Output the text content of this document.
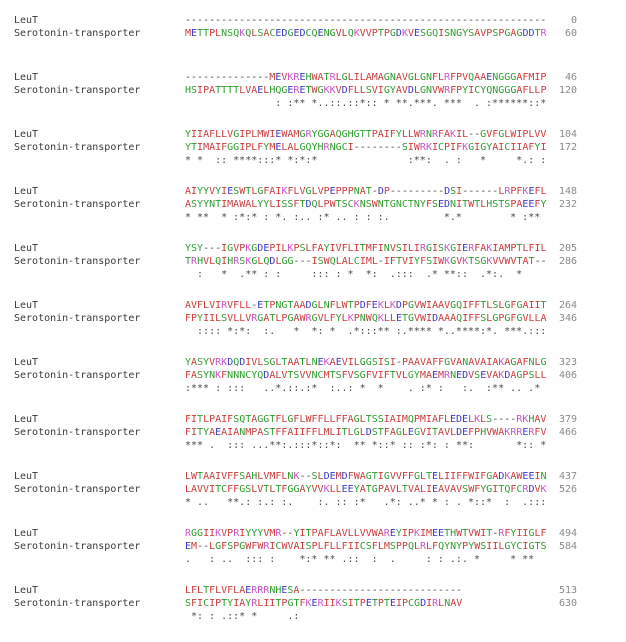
LeuT	------------------------------------------------------------ 0
Serotonin-transporter	METTPLNSQKQLSACEDGEDCQENGVLQKVVPTPGDKVESGQISNGYSAVPSPGAGDDTR 60
LeuT	--------------MEVKREHWATRLGLILAMAGNAVGLGNFLRFPVQAAENGGGAFMIP 46
Serotonin-transporter	HSIPATTTTLVAELHQGERETWGKKVDFLLSVIGYAVDLGNVWRFPYICYQNGGGAFLLP 120
: :** *..::.::*:: * **.***. ***  . :******::*
LeuT	YIIAFLLVGIPLMWIEWAMGRYGGAQGHGTTPAIFYLLWRNRFAKIL--GVFGLWIPLVV 104
Serotonin-transporter	YTIMAIFGGIPLFYMELALGQYHRNGCI--------SIWRKICPIFKGIGYAICIIAFYI 172
* *  :: ****:::* *:*:*               :**:  . :   *     *.: :
LeuT	AIYYVYIESWTLGFAIKFLVGLVPEPPPNAT-DP---------DSI------LRPFKEFL 148
Serotonin-transporter	ASYYNTIMAWALYYLISSFTDQLPWTSCKNSWNTGNCTNYFSEDNITWTLHSTSPAEEFY 232
* **  * :*:* : *. :.. :* .. : : :.         *.*        * :**
LeuT	YSY---IGVPKGDEPILKPSLFAYIVFLITMFINVSILIRGISKGIERFAKIAMPTLFIL 205
Serotonin-transporter	TRHVLQIHRSKGLQDLGG---ISWQLALCIML-IFTVIYFSIWKGVKTSGKVVWVTAT-- 286
:   *  .** : :     ::: : *  *:  .:::  .* **::  .*:.  *
LeuT	AVFLVIRVFLL-ETPNGTAADGLNFLWTPDFEKLKDPGVWIAAVGQIFFTLSLGFGAIIT 264
Serotonin-transporter	FPYIILSVLLVRGATLPGAWRGVLFYLKPNWQKLLETGVWIDAAAQIFFSLGPGFGVLLA 346
:::: *:*:  :.   *  *: *  .*:::** :.**** *..****:*. ***.:::
LeuT	YASYVRKDQDIVLSGLTAATLNEKAEVILGGSISI-PAAVAFFGVANAVAIAKAGAFNLG 323
Serotonin-transporter	FASYNKFNNNCYQDALVTSVVNCMTSFVSGFVIFTVLGYMAEMRNEDVSEVAKDAGPSLL 406
:*** : :::   ..*.::.:*  :..: *  *    . :* :   :.  :** .. .*
LeuT	FITLPAIFSQTAGGTFLGFLWFFLLFFAGLTSSIAIMQPMIAFLEDELKLS----RKHAV 379
Serotonin-transporter	FITYAEAIANMPASTFFAIIFFLMLITLGLDSTFAGLEGVITAVLDEFPHVWAKRRERFV 466
*** .  ::: ...**:.:::*::*:  ** *::* :: :*: : **:       *:: *
LeuT	LWTAAIVFFSAHLVMFLNK--SLDEMDFWAGTIGVVFFGLTELIIFFWIFGADKAWEEIN 437
Serotonin-transporter	LAVVITCFFGSLVTLTFGGAYVVKLLEEYATGPAVLTVALIEAVAVSWFYGITQFCRDVK 526
* ..   **.: :.: :.    :. :: :*   .*: ..* * : . *::*  :  .:::
LeuT	RGGIIKVPRIYYYVMR--YITPAFLAVLLVVWAREYIPKIMEETHWTVWIT-RFYIIGLF 494
Serotonin-transporter	EM--LGFSPGWFWRICWVAISPLFLLFIICSFLMSPPQLRLFQYNYPYWSIILGYCIGTS 584
.   : ..  ::: :    *:* ** .::  :  .     : : .:. *     * **
LeuT	LFLTFLVFLAERRRNHESA---------------------------	513
Serotonin-transporter	SFICIPTYIAYRLIITPGTFKERIIKSITPETPTEIPCGDIRLNAV	630
*: : .::* *     .:
